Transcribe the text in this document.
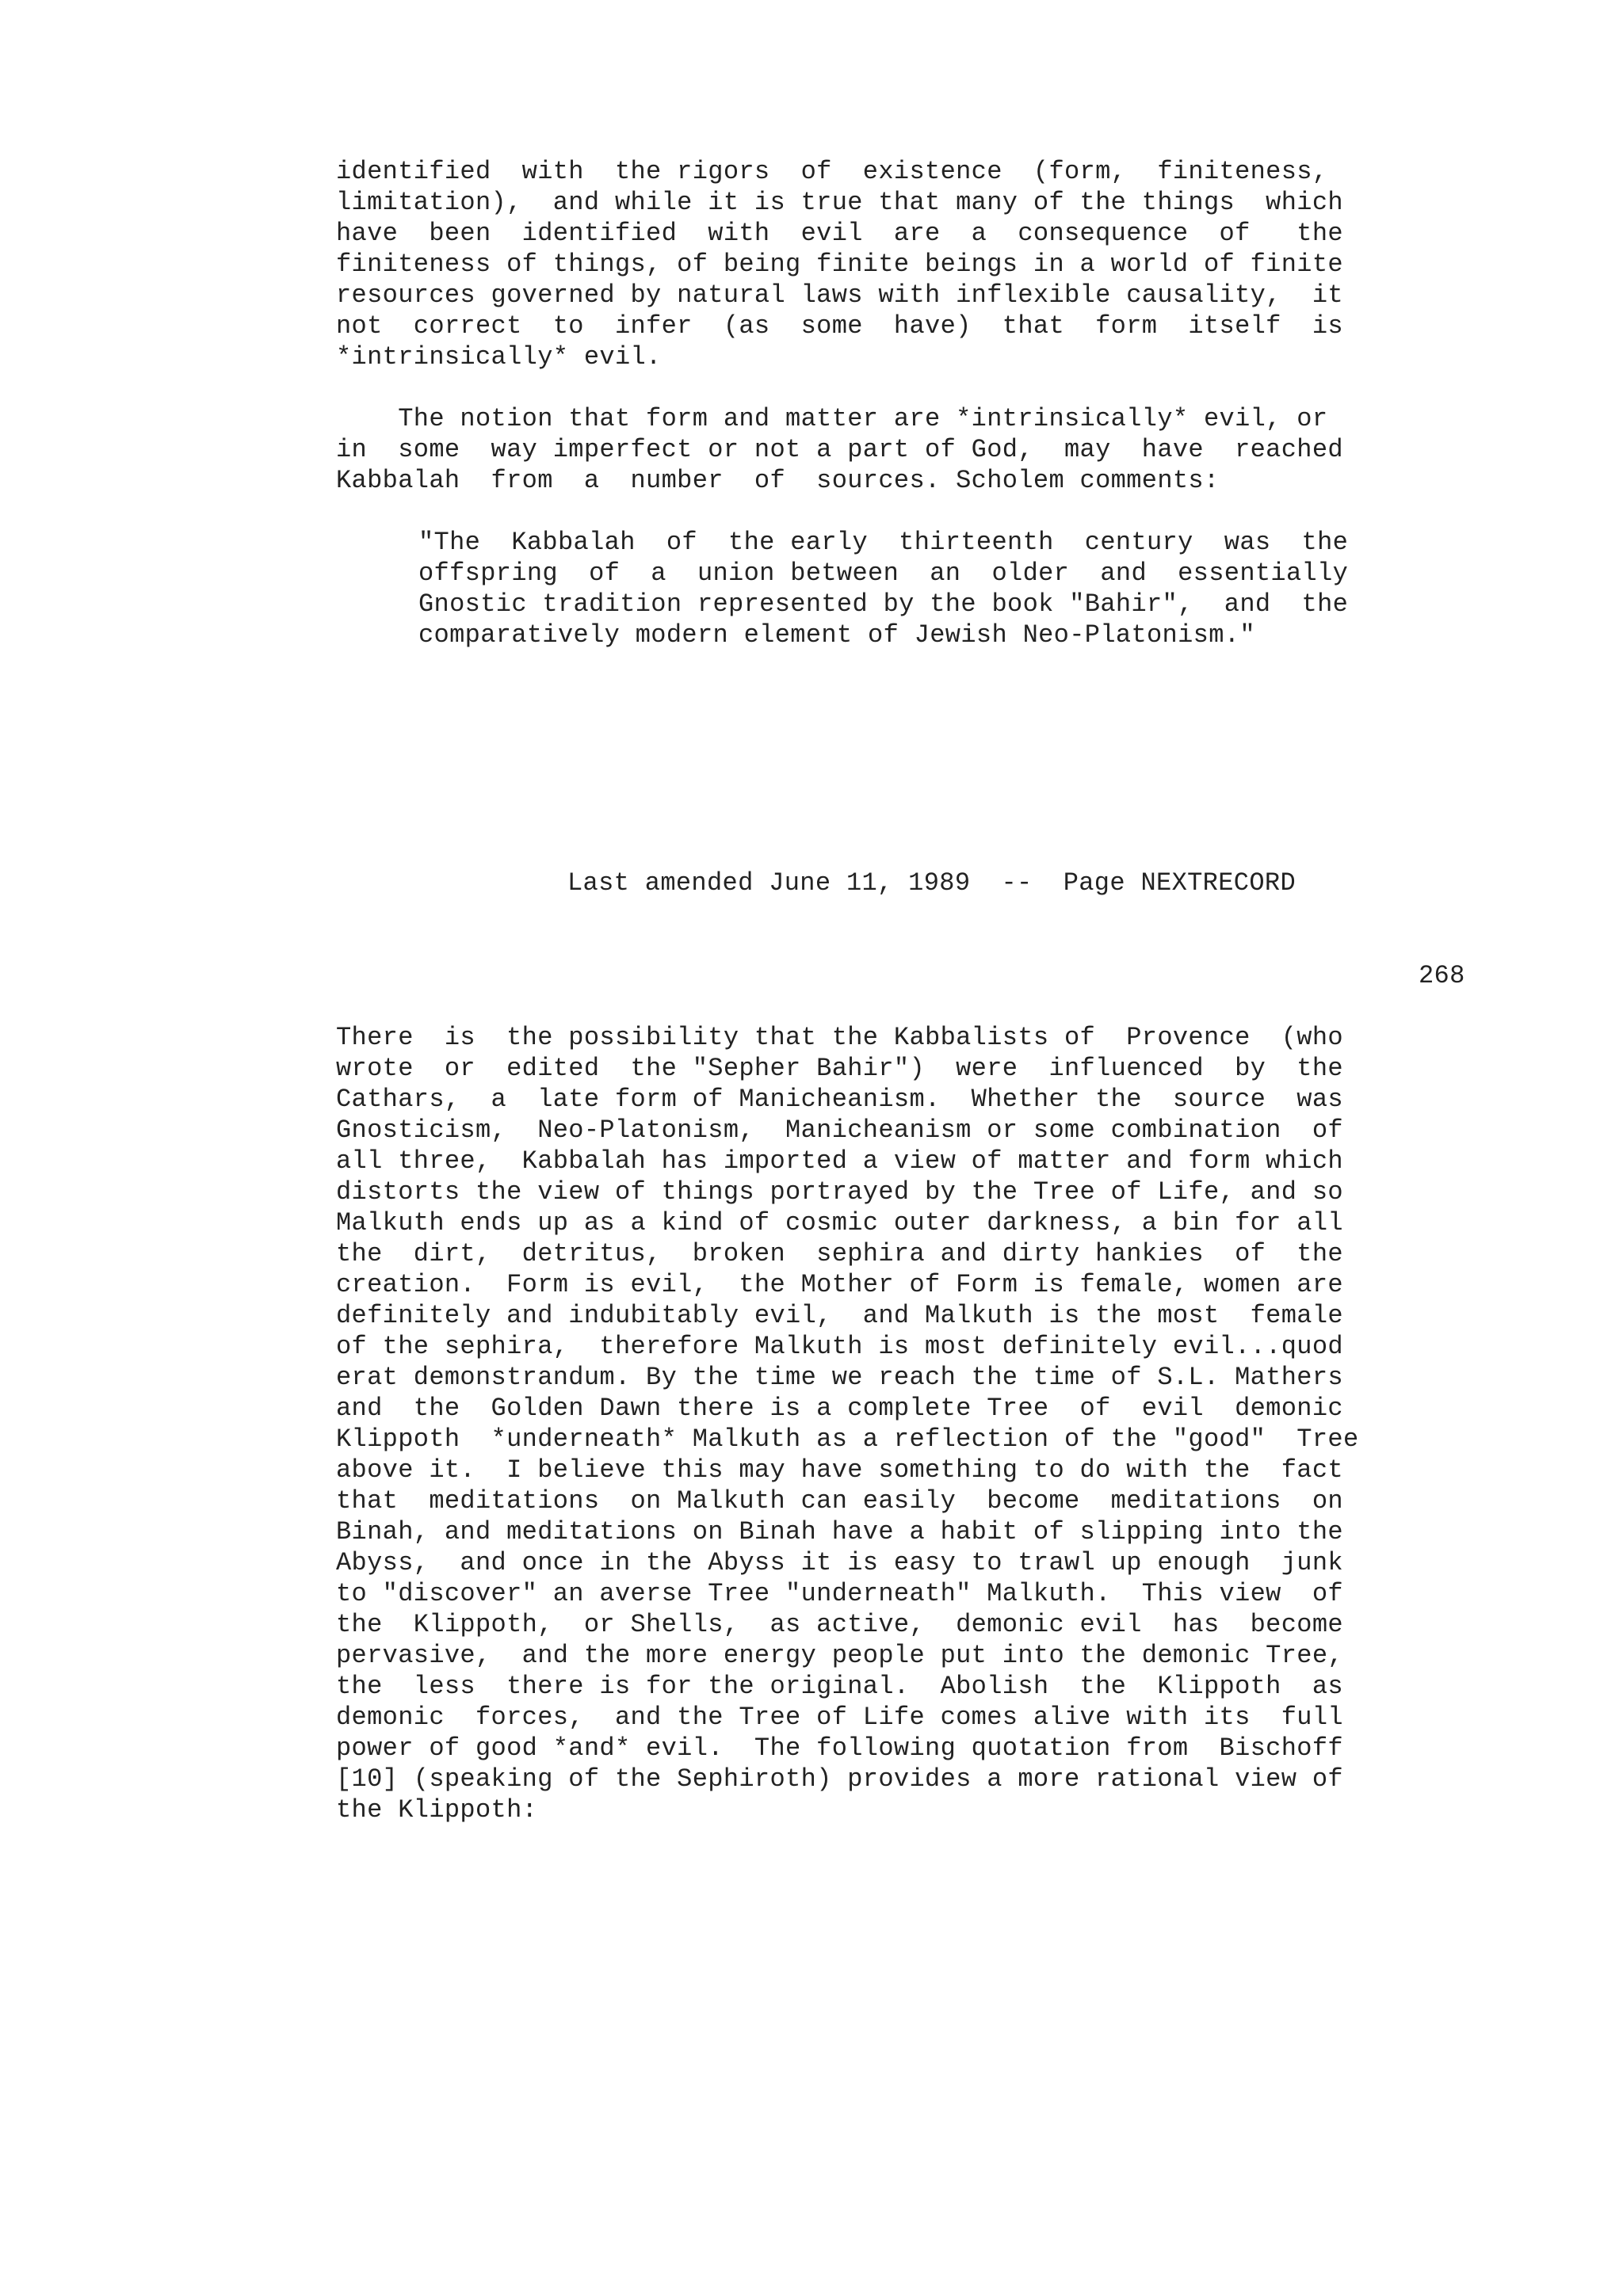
identified  with  the rigors  of  existence  (form,  finiteness,
limitation),  and while it is true that many of the things  which
have  been  identified  with  evil  are  a  consequence  of   the
finiteness of things, of being finite beings in a world of finite
resources governed by natural laws with inflexible causality,  it
not  correct  to  infer  (as  some  have)  that  form  itself  is
*intrinsically* evil.
The notion that form and matter are *intrinsically* evil, or
in  some  way imperfect or not a part of God,  may  have  reached
Kabbalah  from  a  number  of  sources. Scholem comments:
"The  Kabbalah  of  the early  thirteenth  century  was  the
offspring  of  a  union between  an  older  and  essentially
Gnostic tradition represented by the book "Bahir",  and  the
comparatively modern element of Jewish Neo-Platonism."
Last amended June 11, 1989  --  Page NEXTRECORD
268
There  is  the possibility that the Kabbalists of  Provence  (who
wrote  or  edited  the "Sepher Bahir")  were  influenced  by  the
Cathars,  a  late form of Manicheanism.  Whether the  source  was
Gnosticism,  Neo-Platonism,  Manicheanism or some combination  of
all three,  Kabbalah has imported a view of matter and form which
distorts the view of things portrayed by the Tree of Life, and so
Malkuth ends up as a kind of cosmic outer darkness, a bin for all
the  dirt,  detritus,  broken  sephira and dirty hankies  of  the
creation.  Form is evil,  the Mother of Form is female, women are
definitely and indubitably evil,  and Malkuth is the most  female
of the sephira,  therefore Malkuth is most definitely evil...quod
erat demonstrandum. By the time we reach the time of S.L. Mathers
and  the  Golden Dawn there is a complete Tree  of  evil  demonic
Klippoth  *underneath* Malkuth as a reflection of the "good"  Tree
above it.  I believe this may have something to do with the  fact
that  meditations  on Malkuth can easily  become  meditations  on
Binah, and meditations on Binah have a habit of slipping into the
Abyss,  and once in the Abyss it is easy to trawl up enough  junk
to "discover" an averse Tree "underneath" Malkuth.  This view  of
the  Klippoth,  or Shells,  as active,  demonic evil  has  become
pervasive,  and the more energy people put into the demonic Tree,
the  less  there is for the original.  Abolish  the  Klippoth  as
demonic  forces,  and the Tree of Life comes alive with its  full
power of good *and* evil.  The following quotation from  Bischoff
[10] (speaking of the Sephiroth) provides a more rational view of
the Klippoth:
